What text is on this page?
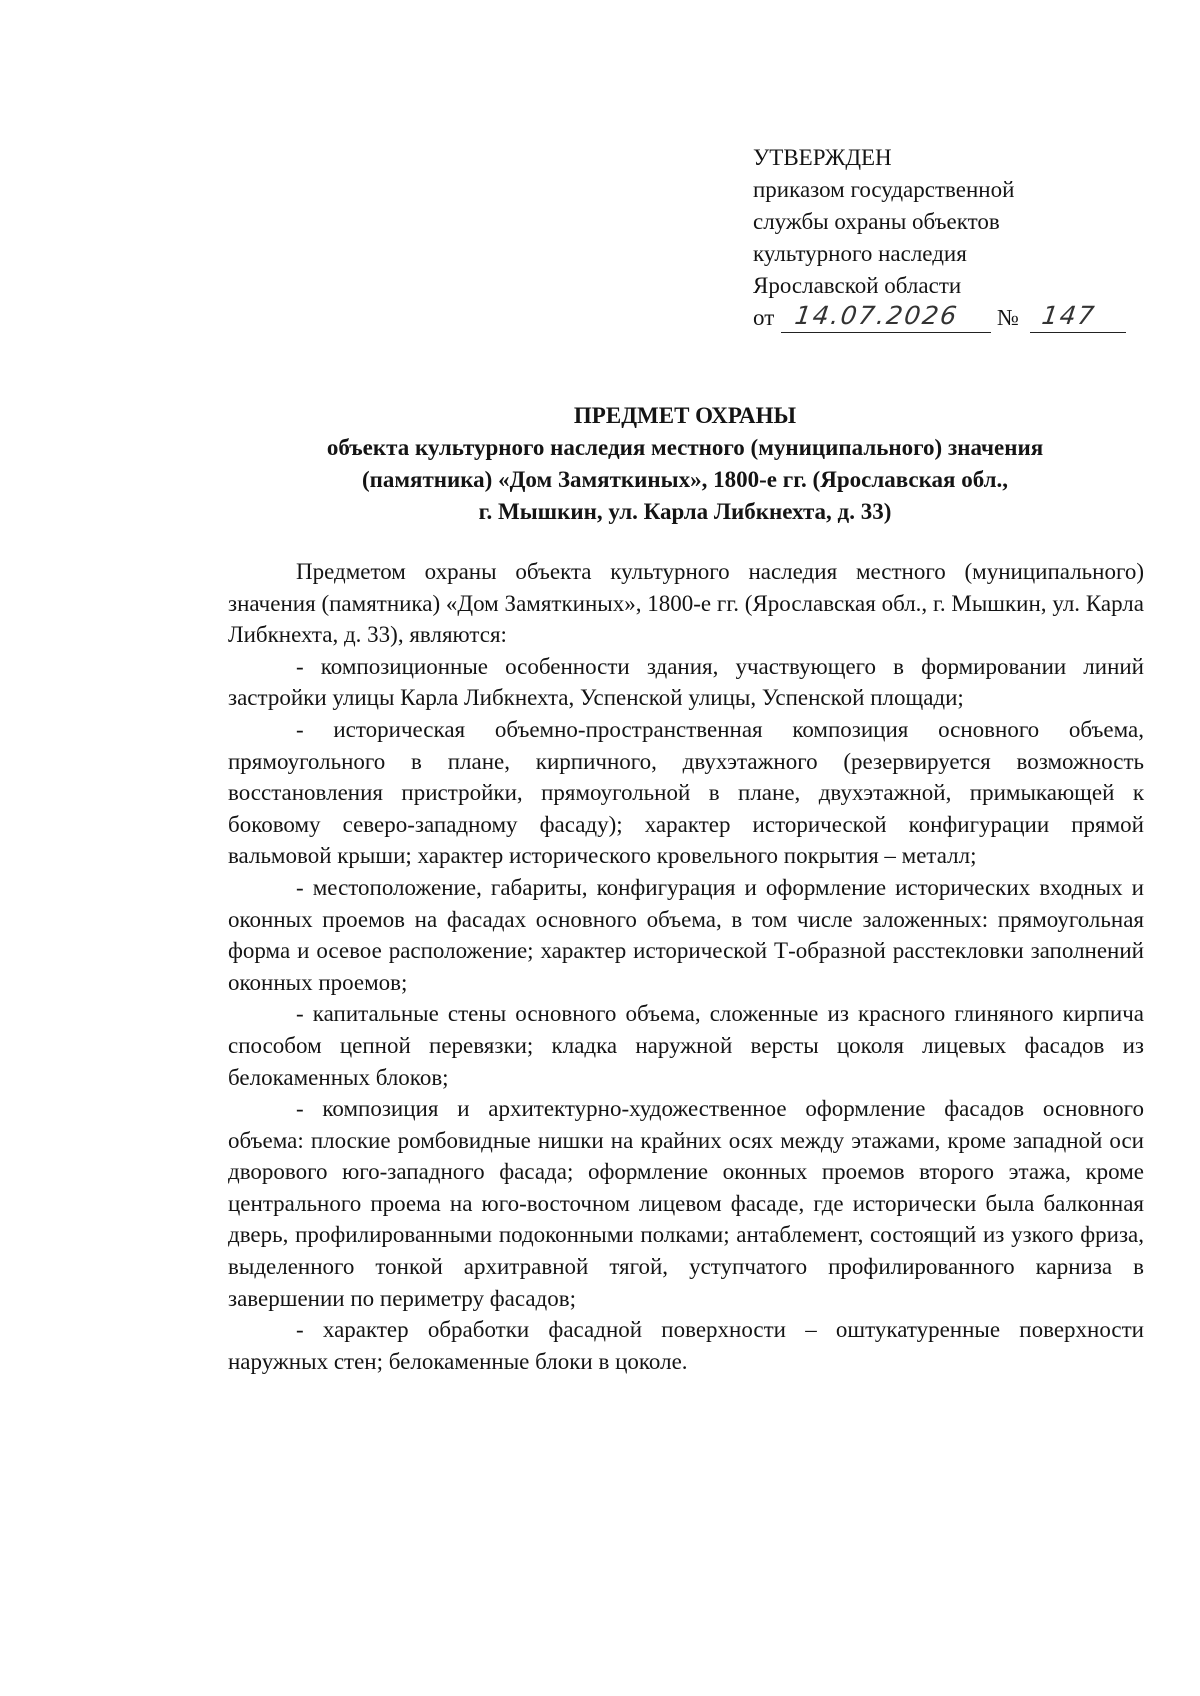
УТВЕРЖДЕН
приказом государственной
службы охраны объектов
культурного наследия
Ярославской области
от 14.07.2026 № 147
ПРЕДМЕТ ОХРАНЫ
объекта культурного наследия местного (муниципального) значения
(памятника) «Дом Замяткиных», 1800-е гг. (Ярославская обл.,
г. Мышкин, ул. Карла Либкнехта, д. 33)

Предметом охраны объекта культурного наследия местного (муниципального) значения (памятника) «Дом Замяткиных», 1800-е гг. (Ярославская обл., г. Мышкин, ул. Карла Либкнехта, д. 33), являются:

- композиционные особенности здания, участвующего в формировании линий застройки улицы Карла Либкнехта, Успенской улицы, Успенской площади;

- историческая объемно-пространственная композиция основного объема, прямоугольного в плане, кирпичного, двухэтажного (резервируется возможность восстановления пристройки, прямоугольной в плане, двухэтажной, примыкающей к боковому северо-западному фасаду); характер исторической конфигурации прямой вальмовой крыши; характер исторического кровельного покрытия – металл;

- местоположение, габариты, конфигурация и оформление исторических входных и оконных проемов на фасадах основного объема, в том числе заложенных: прямоугольная форма и осевое расположение; характер исторической Т-образной расстекловки заполнений оконных проемов;

- капитальные стены основного объема, сложенные из красного глиняного кирпича способом цепной перевязки; кладка наружной версты цоколя лицевых фасадов из белокаменных блоков;

- композиция и архитектурно-художественное оформление фасадов основного объема: плоские ромбовидные нишки на крайних осях между этажами, кроме западной оси дворового юго-западного фасада; оформление оконных проемов второго этажа, кроме центрального проема на юго-восточном лицевом фасаде, где исторически была балконная дверь, профилированными подоконными полками; антаблемент, состоящий из узкого фриза, выделенного тонкой архитравной тягой, уступчатого профилированного карниза в завершении по периметру фасадов;

- характер обработки фасадной поверхности – оштукатуренные поверхности наружных стен; белокаменные блоки в цоколе.
